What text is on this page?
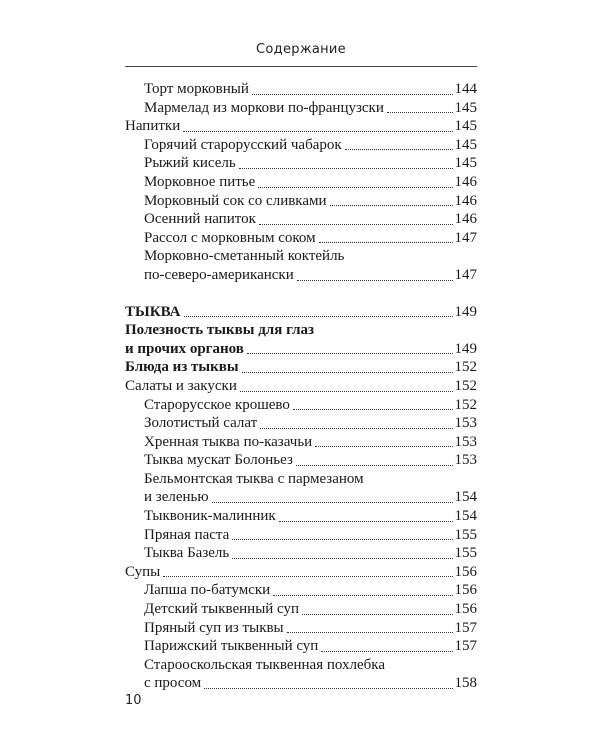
Содержание
Торт морковный	144
Мармелад из моркови по-французски	145
Напитки	145
Горячий старорусский чабарок	145
Рыжий кисель	145
Морковное питье	146
Морковный сок со сливками	146
Осенний напиток	146
Рассол с морковным соком	147
Морковно-сметанный коктейль
по-северо-американски	147
ТЫКВА	149
Полезность тыквы для глаз
и прочих органов	149
Блюда из тыквы	152
Салаты и закуски	152
Старорусское крошево	152
Золотистый салат	153
Хренная тыква по-казачьи	153
Тыква мускат Болоньез	153
Бельмонтская тыква с пармезаном
и зеленью	154
Тыквоник-малинник	154
Пряная паста	155
Тыква Базель	155
Супы	156
Лапша по-батумски	156
Детский тыквенный суп	156
Пряный суп из тыквы	157
Парижский тыквенный суп	157
Старооскольская тыквенная похлебка
с просом	158
10
